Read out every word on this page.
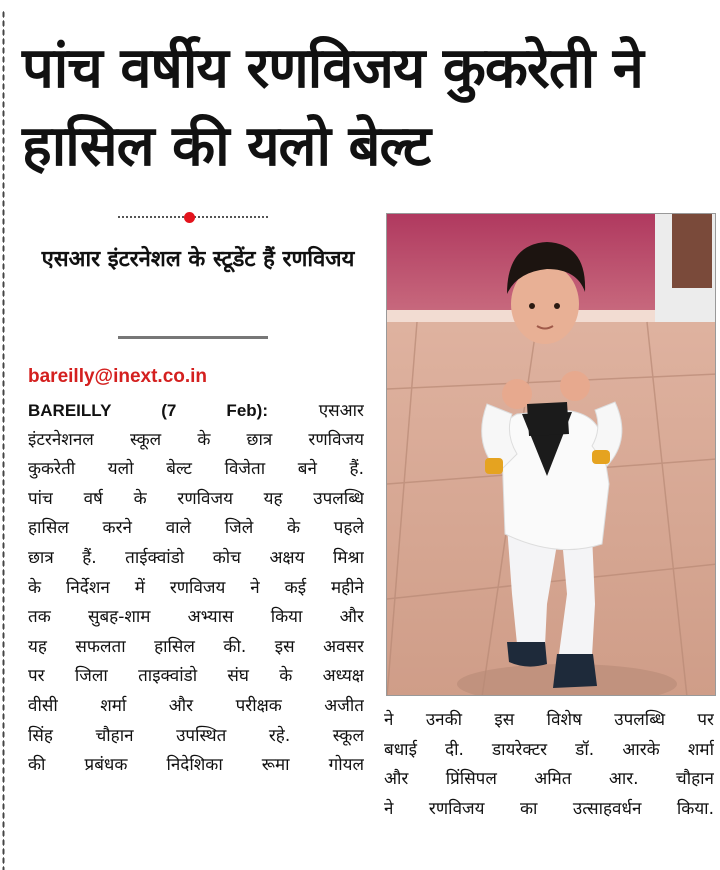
पांच वर्षीय रणविजय कुकरेती ने हासिल की यलो बेल्ट
एसआर इंटरनेशल के स्टूडेंट हैं रणविजय
bareilly@inext.co.in
BAREILLY (7 Feb):	एसआर
इंटरनेशनल स्कूल के छात्र रणविजय
कुकरेती यलो बेल्ट विजेता बने हैं.
पांच वर्ष के रणविजय यह उपलब्धि
हासिल करने वाले जिले के पहले
छात्र हैं. ताईक्वांडो कोच अक्षय मिश्रा
के निर्देशन में रणविजय ने कई महीने
तक सुबह-शाम अभ्यास किया और
यह सफलता हासिल की. इस अवसर
पर जिला ताइक्वांडो संघ के अध्यक्ष
वीसी शर्मा और परीक्षक अजीत
सिंह चौहान उपस्थित रहे. स्कूल
की प्रबंधक निदेशिका रूमा गोयल
ने उनकी इस विशेष उपलब्धि पर
बधाई दी. डायरेक्टर डॉ. आरके शर्मा
और प्रिंसिपल अमित आर. चौहान
ने रणविजय का उत्साहवर्धन किया.
